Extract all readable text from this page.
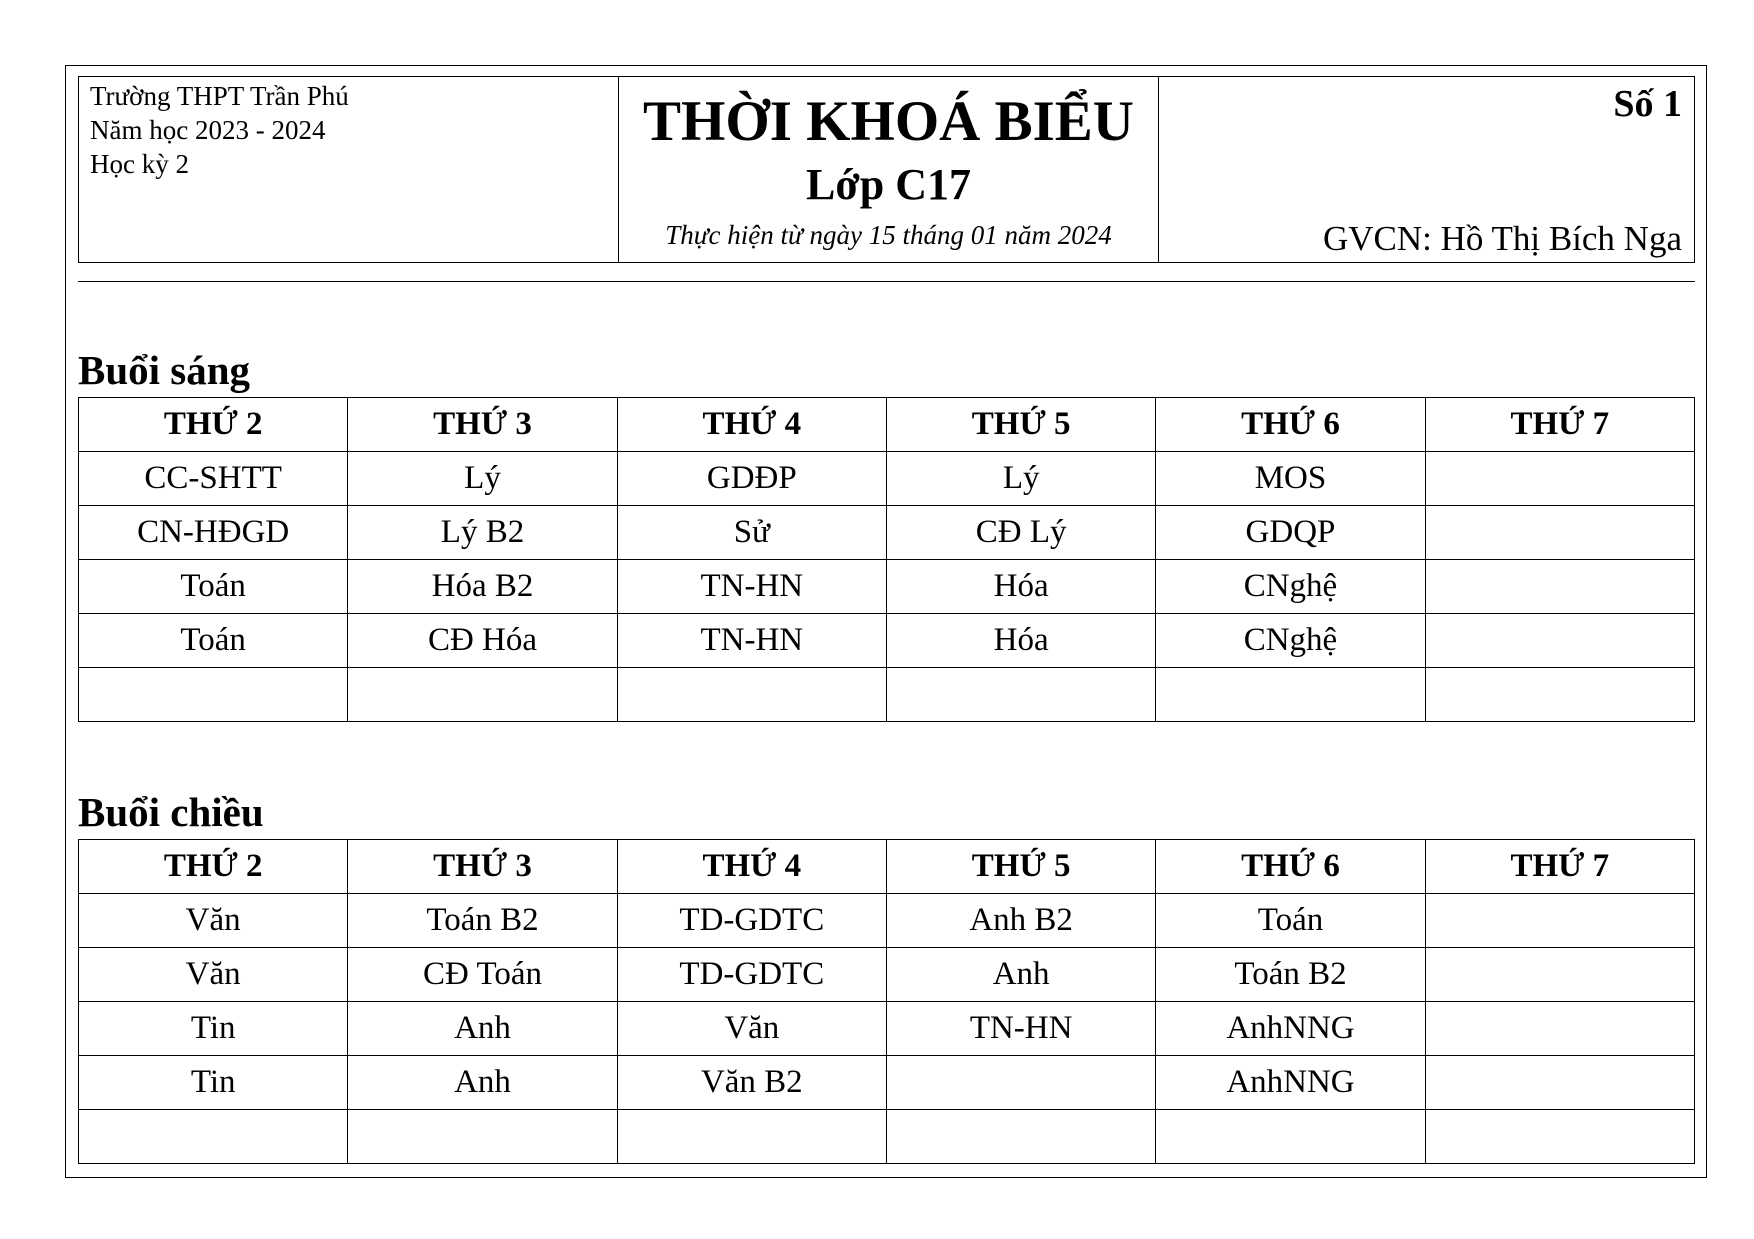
Trường THPT Trần Phú
Năm học 2023 - 2024
Học kỳ 2
THỜI KHOÁ BIỂU
Lớp C17
Thực hiện từ ngày 15 tháng 01 năm 2024
Số 1
GVCN: Hồ Thị Bích Nga
Buổi sáng
THỨ 2	THỨ 3	THỨ 4	THỨ 5	THỨ 6	THỨ 7
CC-SHTT	Lý	GDĐP	Lý	MOS	
CN-HĐGD	Lý B2	Sử	CĐ Lý	GDQP	
Toán	Hóa B2	TN-HN	Hóa	CNghệ	
Toán	CĐ Hóa	TN-HN	Hóa	CNghệ	

Buổi chiều
THỨ 2	THỨ 3	THỨ 4	THỨ 5	THỨ 6	THỨ 7
Văn	Toán B2	TD-GDTC	Anh B2	Toán	
Văn	CĐ Toán	TD-GDTC	Anh	Toán B2	
Tin	Anh	Văn	TN-HN	AnhNNG	
Tin	Anh	Văn B2		AnhNNG	
